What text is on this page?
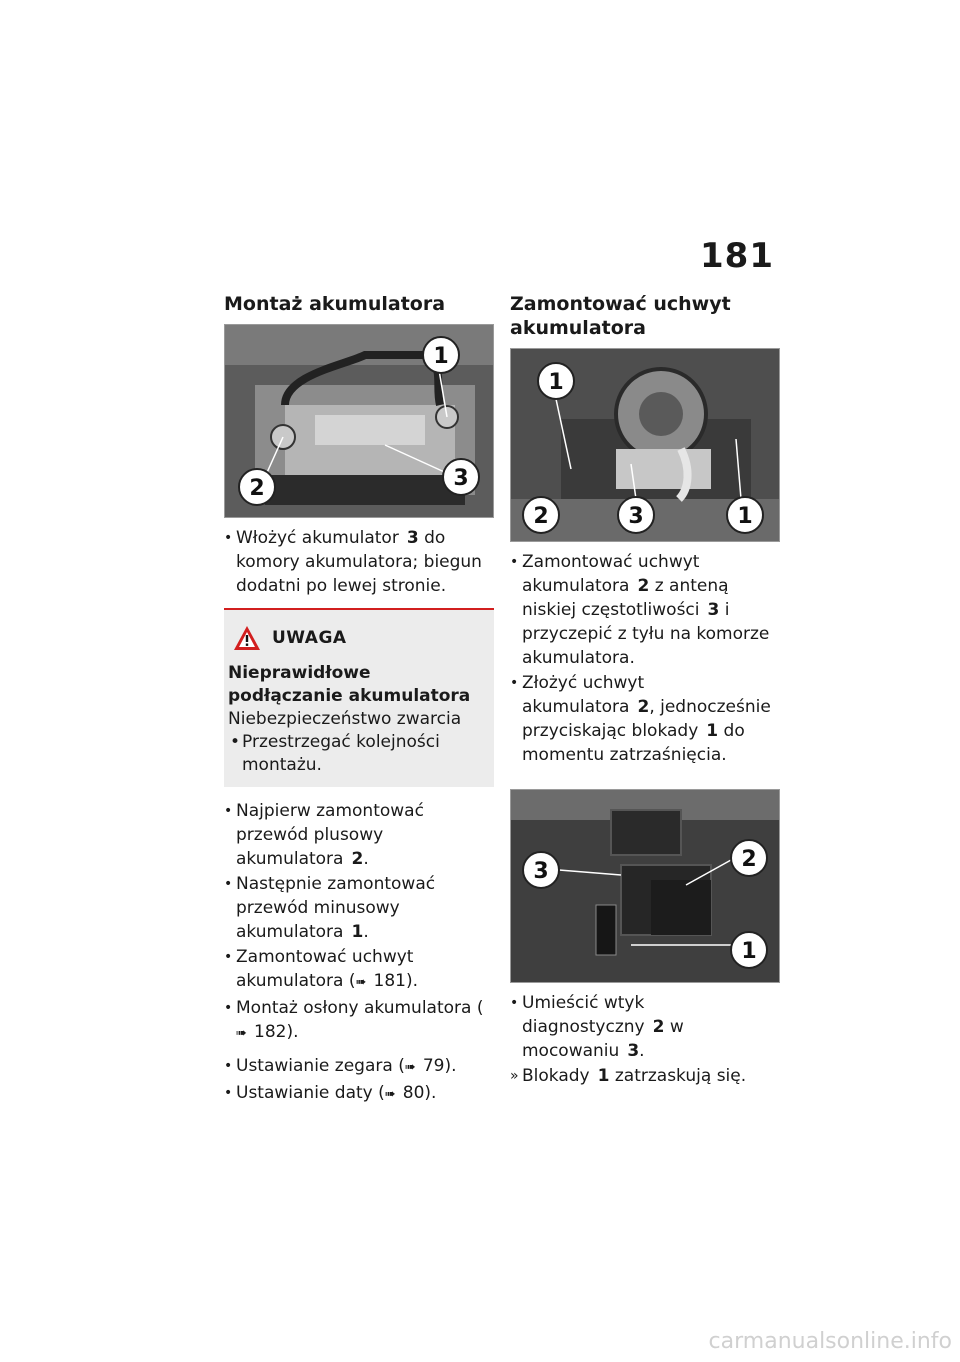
181
Montaż akumulatora
1
2	3
• Włożyć akumulator 3 do komory akumulatora; biegun dodatni po lewej stronie.
UWAGA
Nieprawidłowe podłączanie akumulatora
Niebezpieczeństwo zwarcia
• Przestrzegać kolejności montażu.
• Najpierw zamontować przewód plusowy akumulatora 2.
• Następnie zamontować przewód minusowy akumulatora 1.
• Zamontować uchwyt akumulatora (➠ 181).
• Montaż osłony akumulatora (➠ 182).
• Ustawianie zegara (➠ 79).
• Ustawianie daty (➠ 80).
Zamontować uchwyt akumulatora
1
2	3	1
• Zamontować uchwyt akumulatora 2 z anteną niskiej częstotliwości 3 i przyczepić z tyłu na komorze akumulatora.
• Złożyć uchwyt akumulatora 2, jednocześnie przyciskając blokady 1 do momentu zatrzaśnięcia.
3	2
1
• Umieścić wtyk diagnostyczny 2 w mocowaniu 3.
» Blokady 1 zatrzaskują się.
carmanualsonline.info
